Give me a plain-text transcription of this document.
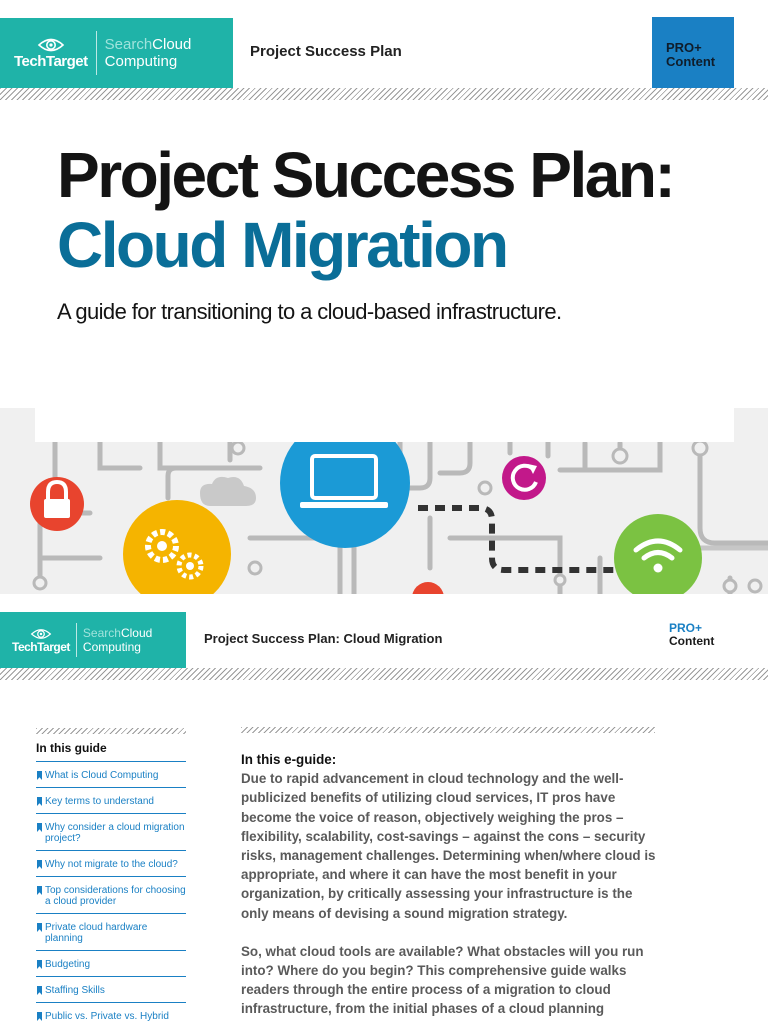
TechTarget
SearchCloud
Computing
Project Success Plan	PRO+
Content
Project Success Plan:
Cloud Migration

A guide for transitioning to a cloud-based infrastructure.

TechTarget
SearchCloud
Computing
Project Success Plan: Cloud Migration
PRO+
Content
In this guide
What is Cloud Computing
Key terms to understand
Why consider a cloud migration project?
Why not migrate to the cloud?
Top considerations for choosing a cloud provider
Private cloud hardware planning
Budgeting
Staffing Skills
Public vs. Private vs. Hybrid
In this e-guide:

Due to rapid advancement in cloud technology and the well-publicized benefits of utilizing cloud services, IT pros have become the voice of reason, objectively weighing the pros – flexibility, scalability, cost-savings – against the cons – security risks, management challenges. Determining when/where cloud is appropriate, and where it can have the most benefit in your organization, by critically assessing your infrastructure is the only means of devising a sound migration strategy.

So, what cloud tools are available? What obstacles will you run into? Where do you begin? This comprehensive guide walks readers through the entire process of a migration to cloud infrastructure, from the initial phases of a cloud planning
